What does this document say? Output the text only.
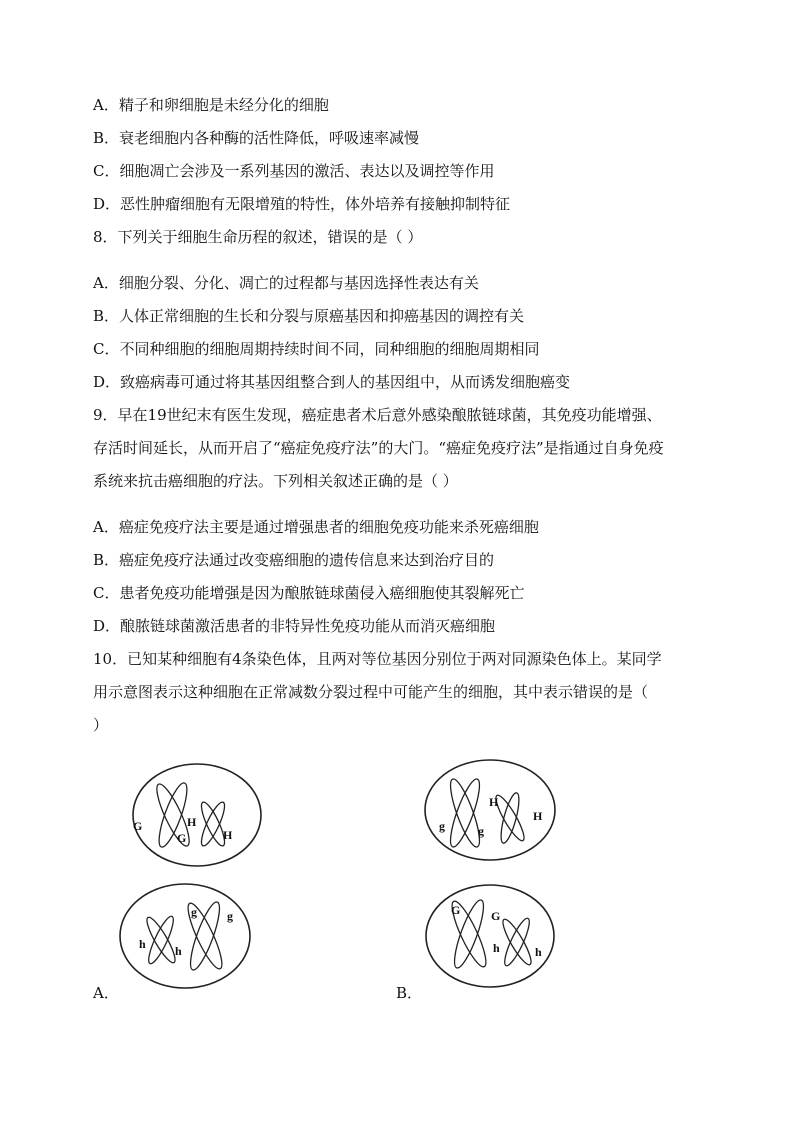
A．精子和卵细胞是未经分化的细胞
B．衰老细胞内各种酶的活性降低，呼吸速率减慢
C．细胞凋亡会涉及一系列基因的激活、表达以及调控等作用
D．恶性肿瘤细胞有无限增殖的特性，体外培养有接触抑制特征
8．下列关于细胞生命历程的叙述，错误的是（ ）
A．细胞分裂、分化、凋亡的过程都与基因选择性表达有关
B．人体正常细胞的生长和分裂与原癌基因和抑癌基因的调控有关
C．不同种细胞的细胞周期持续时间不同，同种细胞的细胞周期相同
D．致癌病毒可通过将其基因组整合到人的基因组中，从而诱发细胞癌变
9．早在19世纪末有医生发现，癌症患者术后意外感染酿脓链球菌，其免疫功能增强、
存活时间延长，从而开启了“癌症免疫疗法”的大门。“癌症免疫疗法”是指通过自身免疫
系统来抗击癌细胞的疗法。下列相关叙述正确的是（ ）
A．癌症免疫疗法主要是通过增强患者的细胞免疫功能来杀死癌细胞
B．癌症免疫疗法通过改变癌细胞的遗传信息来达到治疗目的
C．患者免疫功能增强是因为酿脓链球菌侵入癌细胞使其裂解死亡
D．酿脓链球菌激活患者的非特异性免疫功能从而消灭癌细胞
10．已知某种细胞有4条染色体，且两对等位基因分别位于两对同源染色体上。某同学
用示意图表示这种细胞在正常减数分裂过程中可能产生的细胞，其中表示错误的是（
）
G
G
H
H
g	g
h h
A．
g	g
H
H
G	G
h	h
B．
